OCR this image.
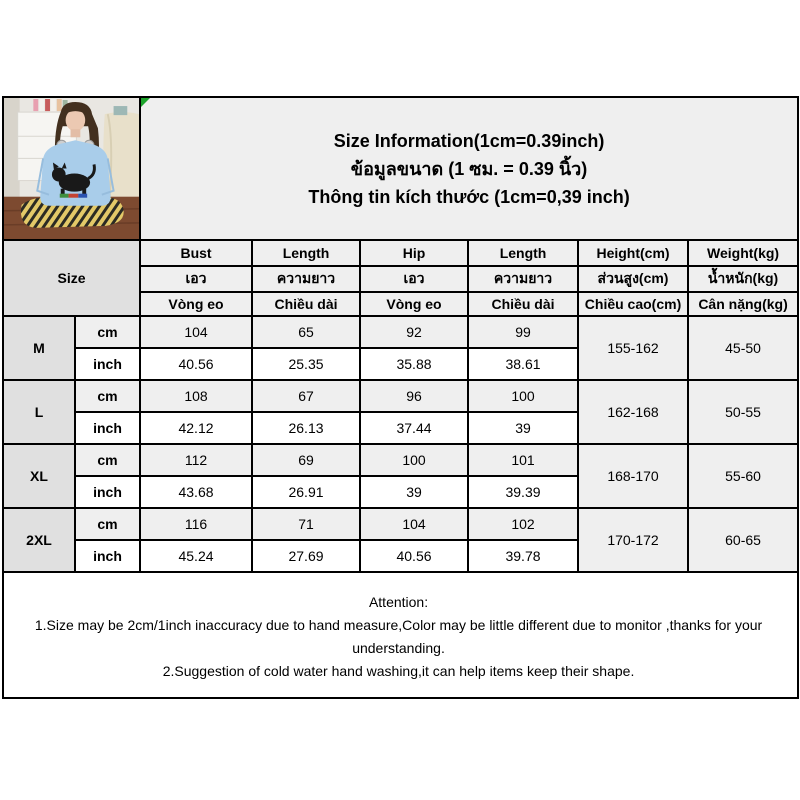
Size Information(1cm=0.39inch)
ข้อมูลขนาด (1 ซม. = 0.39 นิ้ว)
Thông tin kích thước (1cm=0,39 inch)					

Size		Bust	Length	Hip	Length	Height(cm)	Weight(kg)
		เอว	ความยาว	เอว	ความยาว	ส่วนสูง(cm)	น้ำหนัก(kg)
		Vòng eo	Chiều dài	Vòng eo	Chiều dài	Chiều cao(cm)	Cân nặng(kg)
M	cm	104	65	92	99	155-162	45-50
	inch	40.56	25.35	35.88	38.61		
L	cm	108	67	96	100	162-168	50-55
	inch	42.12	26.13	37.44	39		
XL	cm	112	69	100	101	168-170	55-60
	inch	43.68	26.91	39	39.39		
2XL	cm	116	71	104	102	170-172	60-65
	inch	45.24	27.69	40.56	39.78		

Attention:
1.Size may be 2cm/1inch inaccuracy due to hand measure,Color may be little different due to monitor ,thanks for your understanding.
2.Suggestion of cold water hand washing,it can help items keep their shape.							
